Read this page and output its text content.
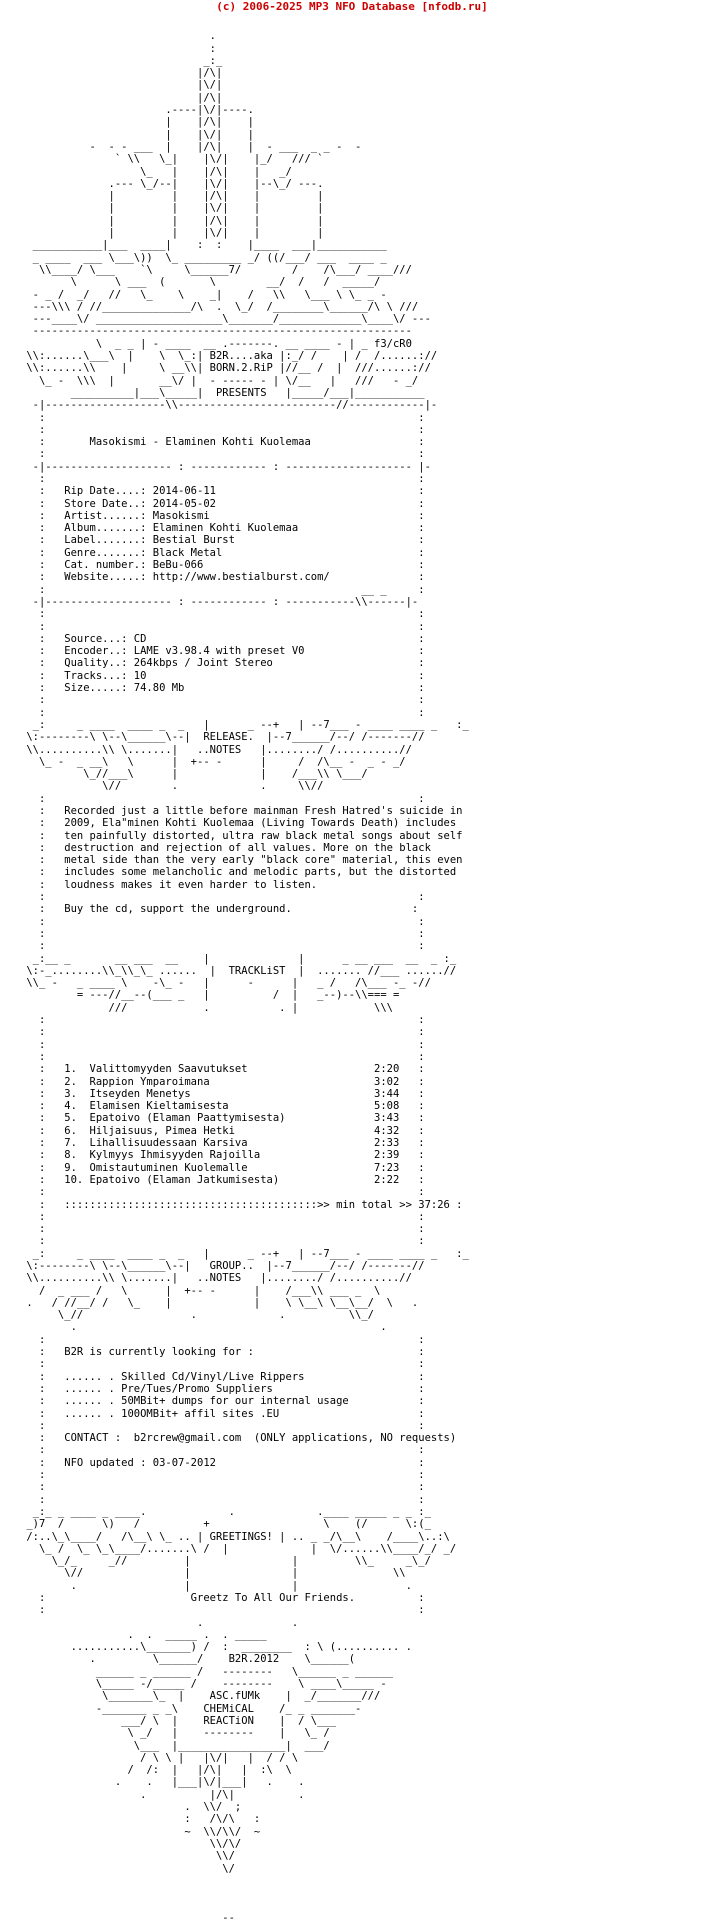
(c) 2006-2025 MP3 NFO Database [nfodb.ru]

.
:
_:_
|/\|
|\/|
|/\|
.----|\/|----.
|    |/\|    |
|    |\/|    |
-  - - ___  |    |/\|    |  - ___  _ _ -  -
` \\   \_|    |\/|    |_/   /// `
\_   |    |/\|    |   _/
.--- \_/--|    |\/|    |--\_/ ---.
|         |    |/\|    |         |
|         |    |\/|    |         |
|         |    |/\|    |         |
|         |    |\/|    |         |
___________|___  ____|    :  :    |____  ___|___________
_ ____  ___ \___\))  \_ _________ _/ ((/___/ ___  ____ _
\\____/ \___    `\     \______7/        /    /\___/ ____///
\      \ ___  (       \        __/  /   /  _____/
- _ /  _/   //   \_    \    _|    /   \\   \___ \ \_ _ -
---\\\ / //______________/\  .  \_/  /________\______/\ \ ///
---____\/ ____________________\_______/_____________\____\/ ---
------------------------------------------------------------
\  _ _ | - ____  __ .-------. __ ____ - | _ f3/cR0
\\:......\___\  |    \  \_:| B2R....aka |:_/ /    | /  /......://
\\:......\\    |     \ __\\| BORN.2.RiP |//__ /  |  ///......://
\_ -  \\\  |       __\/ |  - ----- - | \/__   |   ///   - _/
__________|___\_____|  PRESENTS   |_____/___|___________
-|-------------------\\-------------------------//------------|-
:                                                           :
:                                                           :
:       Masokismi - Elaminen Kohti Kuolemaa                 :
:                                                           :
-|-------------------- : ------------ : -------------------- |-
:                                                           :
:   Rip Date....: 2014-06-11                                :
:   Store Date..: 2014-05-02                                :
:   Artist......: Masokismi                                 :
:   Album.......: Elaminen Kohti Kuolemaa                   :
:   Label.......: Bestial Burst                             :
:   Genre.......: Black Metal                               :
:   Cat. number.: BeBu-066                                  :
:   Website.....: http://www.bestialburst.com/              :
:                                                  __ _     :
-|-------------------- : ------------ : -----------\\------|-
:                                                           :
:                                                           :
:   Source...: CD                                           :
:   Encoder..: LAME v3.98.4 with preset V0                  :
:   Quality..: 264kbps / Joint Stereo                       :
:   Tracks...: 10                                           :
:   Size.....: 74.80 Mb                                     :
:                                                           :
:                                                           :
_:     _ ____  ____ _  _   |      _ --+   | --7___ - ____ ____ _   :_
\:--------\ \--\______\--|  RELEASE.  |--7______/--/ /-------//
\\..........\\ \.......|   ..NOTES   |......../ /..........//
\_ -  _ __\   \      |  +-- -      |     /  /\__ -  _ - _/
\_//___\      |             |    /___\\ \___/
\//        .             .     \\//
:                                                           :
:   Recorded just a little before mainman Fresh Hatred's suicide in
:   2009, Ela"minen Kohti Kuolemaa (Living Towards Death) includes
:   ten painfully distorted, ultra raw black metal songs about self
:   destruction and rejection of all values. More on the black
:   metal side than the very early "black core" material, this even
:   includes some melancholic and melodic parts, but the distorted
:   loudness makes it even harder to listen.
:                                                           :
:   Buy the cd, support the underground.                   :
:                                                           :
:                                                           :
:                                                           :
_:__ _       __ ___  __    |              |      _ __ ___  __  _ :_
\:-_........\\_\\_\_ ......  |  TRACKLiST  |  ....... //___ ......//
\\_ -   _ ____ \    -\_ -   |      -      |   _ /   /\___ -_ -//
= ---//__--(___ _   |          /  |   _--)--\\=== =
///            .           . |            \\\
:                                                           :
:                                                           :
:                                                           :
:                                                           :
:   1.  Valittomyyden Saavutukset                    2:20   :
:   2.  Rappion Ymparoimana                          3:02   :
:   3.  Itseyden Menetys                             3:44   :
:   4.  Elamisen Kieltamisesta                       5:08   :
:   5.  Epatoivo (Elaman Paattymisesta)              3:43   :
:   6.  Hiljaisuus, Pimea Hetki                      4:32   :
:   7.  Lihallisuudessaan Karsiva                    2:33   :
:   8.  Kylmyys Ihmisyyden Rajoilla                  2:39   :
:   9.  Omistautuminen Kuolemalle                    7:23   :
:   10. Epatoivo (Elaman Jatkumisesta)               2:22   :
:                                                           :
:   ::::::::::::::::::::::::::::::::::::::::>> min total >> 37:26 :
:                                                           :
:                                                           :
:                                                           :
_:     _ ____  ____ _  _   |      _ --+   | --7___ - ____ ____ _   :_
\:--------\ \--\______\--|   GROUP..  |--7______/--/ /-------//
\\..........\\ \.......|   ..NOTES   |......../ /..........//
/  _ ___ /   \      |  +-- -      |    /___\\ ___ _  \
.   / //__/ /   \_    |             |    \ \__\ \__\__/  \   .
\_//                 .             .          \\_/
.                                                .
:                                                           :
:   B2R is currently looking for :                          :
:                                                           :
:   ...... . Skilled Cd/Vinyl/Live Rippers                  :
:   ...... . Pre/Tues/Promo Suppliers                       :
:   ...... . 50MBit+ dumps for our internal usage           :
:   ...... . 100OMBit+ affil sites .EU                      :
:                                                           :
:   CONTACT :  b2rcrew@gmail.com  (ONLY applications, NO requests)
:                                                           :
:   NFO updated : 03-07-2012                                :
:                                                           :
:                                                           :
:                                                           :
_:_ _ ____ _ ____.             .             .____ _____ _ _ :_
_)7  /      \)   /          +                  \    (/      \:(_
/:..\_\____/   /\__\ \_ .. | GREETINGS! | .. _ _/\__\    /____\..:\
\_ /  \_ \_\____/.......\ /  |             |  \/......\\____/_/ _/
\_/_     _//         |                |         \\_     _\_/
\//                |                |               \\
.                 |                |                 .
:                       Greetz To All Our Friends.          :
:                                                           :
.              .
.  .  _____ .  . _____
...........\_______) /  :  ________  : \ (.......... .
.         \______/    B2R.2012    \______(
______ _ ______ /   --------   \______ _ ______
\_____ -/_____ /    --------    \ ____\_____ -
\_______\_  |    ASC.fUMk    |  _/_______///
-_______ _ _\    CHEMiCAL    /_ _ _______-
___/ \  |    REACTiON    |  / \___
\ _/   |    --------    |   \_ /
\___  |_________________|  ___/
/ \ \ |   |\/|   |  / / \
/  /:  |   |/\|   |  :\  \
.    .   |___|\/|___|   .    .
.          |/\|          .
.  \\/  ;
:   /\/\   :
~  \\/\\/  ~
\\/\/
\\/
\/

--
